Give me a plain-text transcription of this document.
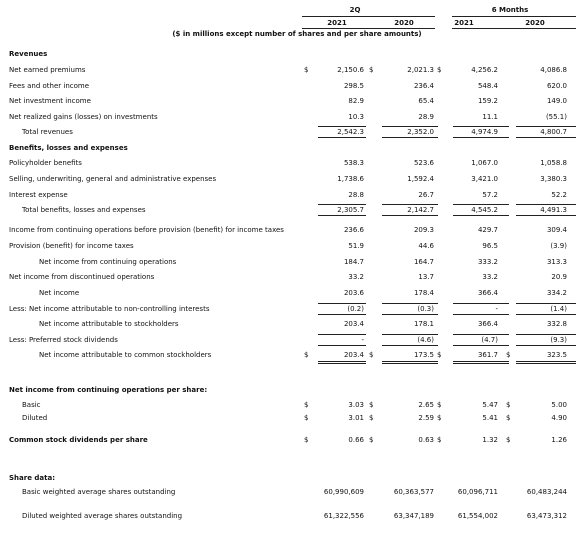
2Q	6 Months
2021	2020	2021	2020
($ in millions except number of shares and per share amounts)
Revenues
Net earned premiums	2,150.6	2,021.3	4,256.2	4,086.8
$	$	$
Fees and other income	298.5	236.4	548.4	620.0
Net investment income	82.9	65.4	159.2	149.0
Net realized gains (losses) on investments	10.3	28.9	11.1	(55.1)
Total revenues	2,542.3	2,352.0	4,974.9	4,800.7
Benefits, losses and expenses
Policyholder benefits	538.3	523.6	1,067.0	1,058.8
Selling, underwriting, general and administrative expenses	1,738.6	1,592.4	3,421.0	3,380.3
Interest expense	28.8	26.7	57.2	52.2
Total benefits, losses and expenses	2,305.7	2,142.7	4,545.2	4,491.3
Income from continuing operations before provision (benefit) for income taxes	236.6	209.3	429.7	309.4
Provision (benefit) for income taxes	51.9	44.6	96.5	(3.9)
Net income from continuing operations	184.7	164.7	333.2	313.3
Net income from discontinued operations	33.2	13.7	33.2	20.9
Net income	203.6	178.4	366.4	334.2
Less: Net income attributable to non-controlling interests	(0.2)	(0.3)	-	(1.4)
Net income attributable to stockholders	203.4	178.1	366.4	332.8
Less: Preferred stock dividends	-	(4.6)	(4.7)	(9.3)
Net income attributable to common stockholders	203.4	173.5	361.7	323.5
$	$	$	$
Net income from continuing operations per share:
Basic	3.03	2.65	5.47	5.00
$	$	$	$
Diluted	3.01	2.59	5.41	4.90
$	$	$	$
Common stock dividends per share	0.66	0.63	1.32	1.26
$	$	$	$
Share data:
Basic weighted average shares outstanding	60,990,609	60,363,577	60,096,711	60,483,244
Diluted weighted average shares outstanding	61,322,556	63,347,189	61,554,002	63,473,312
